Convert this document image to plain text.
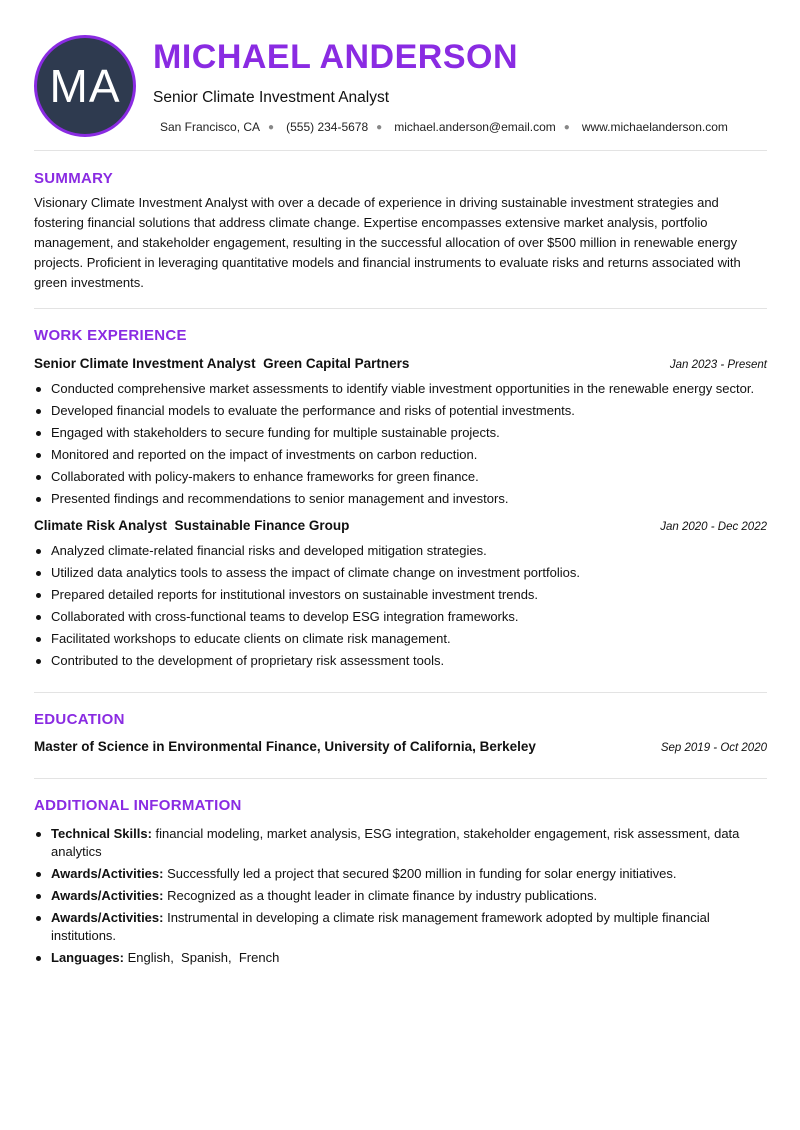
MA
MICHAEL ANDERSON
Senior Climate Investment Analyst
San Francisco, CA ● (555) 234-5678 ● michael.anderson@email.com ● www.michaelanderson.com
SUMMARY

Visionary Climate Investment Analyst with over a decade of experience in driving sustainable investment strategies and fostering financial solutions that address climate change. Expertise encompasses extensive market analysis, portfolio management, and stakeholder engagement, resulting in the successful allocation of over $500 million in renewable energy projects. Proficient in leveraging quantitative models and financial instruments to evaluate risks and returns associated with green investments.

WORK EXPERIENCE
Senior Climate Investment Analyst  Green Capital Partners	Jan 2023 - Present
Conducted comprehensive market assessments to identify viable investment opportunities in the renewable energy sector.
Developed financial models to evaluate the performance and risks of potential investments.
Engaged with stakeholders to secure funding for multiple sustainable projects.
Monitored and reported on the impact of investments on carbon reduction.
Collaborated with policy-makers to enhance frameworks for green finance.
Presented findings and recommendations to senior management and investors.
Climate Risk Analyst  Sustainable Finance Group	Jan 2020 - Dec 2022
Analyzed climate-related financial risks and developed mitigation strategies.
Utilized data analytics tools to assess the impact of climate change on investment portfolios.
Prepared detailed reports for institutional investors on sustainable investment trends.
Collaborated with cross-functional teams to develop ESG integration frameworks.
Facilitated workshops to educate clients on climate risk management.
Contributed to the development of proprietary risk assessment tools.
EDUCATION
Master of Science in Environmental Finance, University of California, Berkeley	Sep 2019 - Oct 2020
ADDITIONAL INFORMATION
Technical Skills: financial modeling, market analysis, ESG integration, stakeholder engagement, risk assessment, data analytics
Awards/Activities: Successfully led a project that secured $200 million in funding for solar energy initiatives.
Awards/Activities: Recognized as a thought leader in climate finance by industry publications.
Awards/Activities: Instrumental in developing a climate risk management framework adopted by multiple financial institutions.
Languages: English,  Spanish,  French
